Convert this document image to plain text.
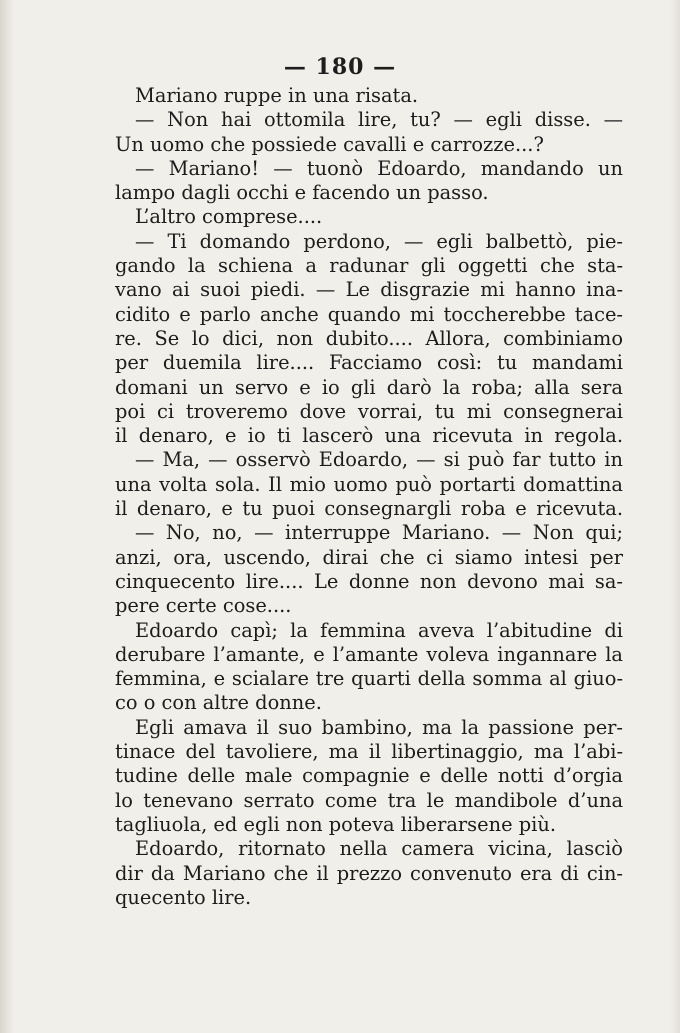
— 180 —
Mariano ruppe in una risata.
— Non hai ottomila lire, tu? — egli disse. —
Un uomo che possiede cavalli e carrozze...?
— Mariano! — tuonò Edoardo, mandando un
lampo dagli occhi e facendo un passo.
L’altro comprese....
— Ti domando perdono, — egli balbettò, pie-
gando la schiena a radunar gli oggetti che sta-
vano ai suoi piedi. — Le disgrazie mi hanno ina-
cidito e parlo anche quando mi toccherebbe tace-
re. Se lo dici, non dubito.... Allora, combiniamo
per duemila lire.... Facciamo così: tu mandami
domani un servo e io gli darò la roba; alla sera
poi ci troveremo dove vorrai, tu mi consegnerai
il denaro, e io ti lascerò una ricevuta in regola.
— Ma, — osservò Edoardo, — si può far tutto in
una volta sola. Il mio uomo può portarti domattina
il denaro, e tu puoi consegnargli roba e ricevuta.
— No, no, — interruppe Mariano. — Non qui;
anzi, ora, uscendo, dirai che ci siamo intesi per
cinquecento lire.... Le donne non devono mai sa-
pere certe cose....
Edoardo capì; la femmina aveva l’abitudine di
derubare l’amante, e l’amante voleva ingannare la
femmina, e scialare tre quarti della somma al giuo-
co o con altre donne.
Egli amava il suo bambino, ma la passione per-
tinace del tavoliere, ma il libertinaggio, ma l’abi-
tudine delle male compagnie e delle notti d’orgia
lo tenevano serrato come tra le mandibole d’una
tagliuola, ed egli non poteva liberarsene più.
Edoardo, ritornato nella camera vicina, lasciò
dir da Mariano che il prezzo convenuto era di cin-
quecento lire.
